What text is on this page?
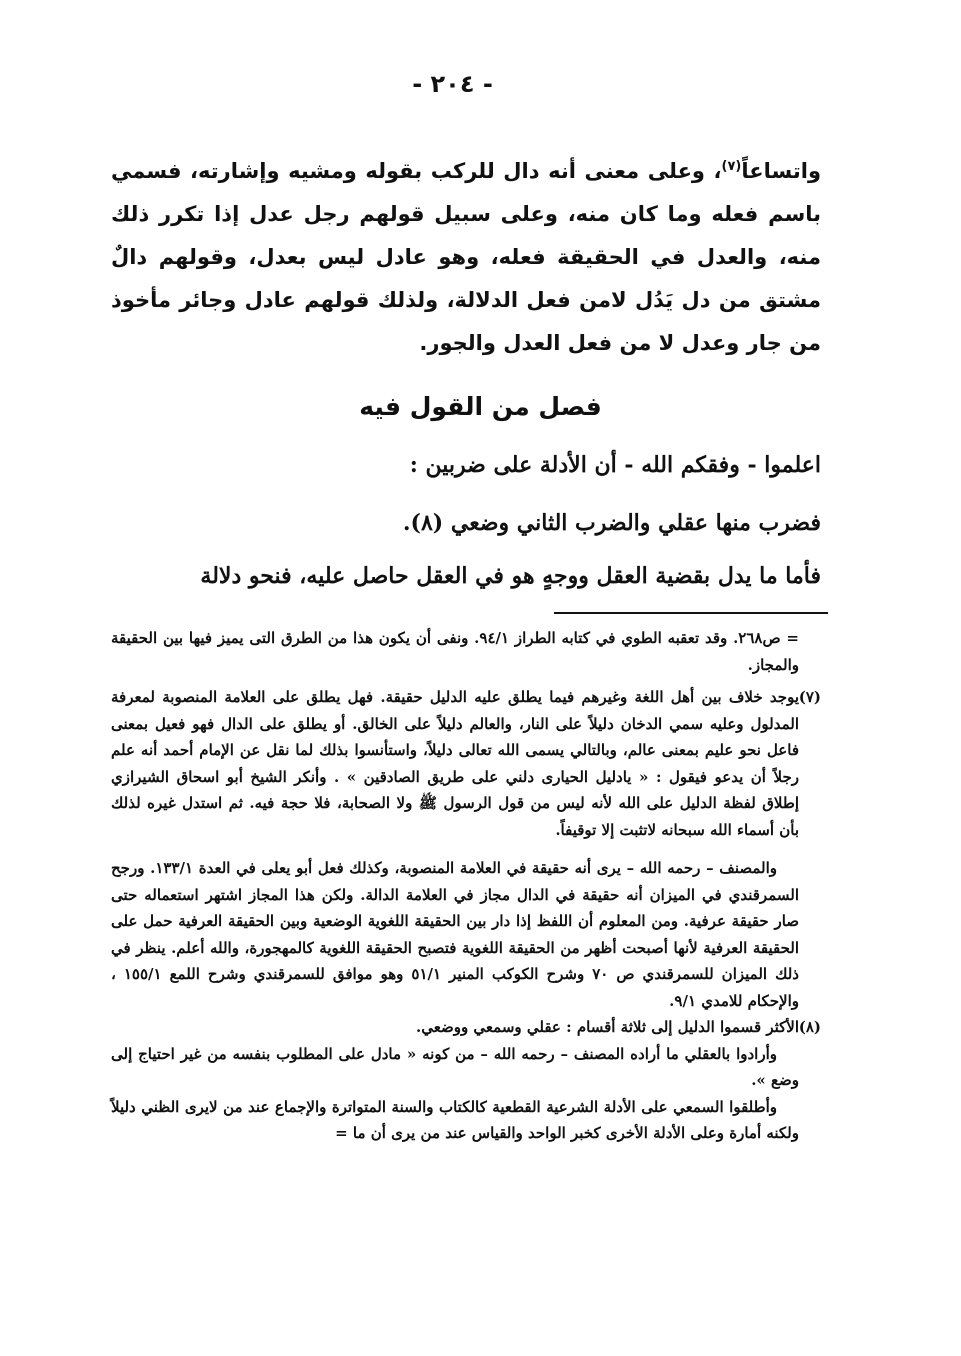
- ٢٠٤ -
واتساعاً$^{(٧)}$، وعلى معنى أنه دال للركب بقوله ومشيه وإشارته، فسمي باسم فعله وما كان منه، وعلى سبيل قولهم رجل عدل إذا تكرر ذلك منه، والعدل في الحقيقة فعله، وهو عادل ليس بعدل، وقولهم دالٌ مشتق من دل يَدُل لامن فعل الدلالة، ولذلك قولهم عادل وجائر مأخوذ من جار وعدل لا من فعل العدل والجور.
فصل من القول فيه
اعلموا - وفقكم الله - أن الأدلة على ضربين :
فضرب منها عقلي والضرب الثاني وضعي (٨).
فأما ما يدل بقضية العقل ووجهٍ هو في العقل حاصل عليه، فنحو دلالة

= ص٢٦٨. وقد تعقبه الطوي في كتابه الطراز ٩٤/١. ونفى أن يكون هذا من الطرق التى يميز فيها بين الحقيقة والمجاز.

(٧)يوجد خلاف بين أهل اللغة وغيرهم فيما يطلق عليه الدليل حقيقة. فهل يطلق على العلامة المنصوبة لمعرفة المدلول وعليه سمي الدخان دليلاً على النار، والعالم دليلاً على الخالق. أو يطلق على الدال فهو فعيل بمعنى فاعل نحو عليم بمعنى عالم، وبالتالي يسمى الله تعالى دليلاً، واستأنسوا بذلك لما نقل عن الإمام أحمد أنه علم رجلاً أن يدعو فيقول : « يادليل الحيارى دلني على طريق الصادقين » . وأنكر الشيخ أبو اسحاق الشيرازي إطلاق لفظة الدليل على الله لأنه ليس من قول الرسول ﷺ ولا الصحابة، فلا حجة فيه. ثم استدل غيره لذلك بأن أسماء الله سبحانه لاتثبت إلا توقيفاً.

والمصنف – رحمه الله – يرى أنه حقيقة في العلامة المنصوبة، وكذلك فعل أبو يعلى في العدة ١٣٣/١. ورجح السمرقندي في الميزان أنه حقيقة في الدال مجاز في العلامة الدالة. ولكن هذا المجاز اشتهر استعماله حتى صار حقيقة عرفية. ومن المعلوم أن اللفظ إذا دار بين الحقيقة اللغوية الوضعية وبين الحقيقة العرفية حمل على الحقيقة العرفية لأنها أصبحت أظهر من الحقيقة اللغوية فتصبح الحقيقة اللغوية كالمهجورة، والله أعلم. ينظر في ذلك الميزان للسمرقندي ص ٧٠ وشرح الكوكب المنير ٥١/١ وهو موافق للسمرقندي وشرح اللمع ١٥٥/١ ، والإحكام للامدي ٩/١.

(٨)الأكثر قسموا الدليل إلى ثلاثة أقسام : عقلي وسمعي ووضعي.

وأرادوا بالعقلي ما أراده المصنف – رحمه الله – من كونه « مادل على المطلوب بنفسه من غير احتياج إلى وضع ».

وأطلقوا السمعي على الأدلة الشرعية القطعية كالكتاب والسنة المتواترة والإجماع عند من لايرى الظني دليلاً ولكنه أمارة وعلى الأدلة الأخرى كخبر الواحد والقياس عند من يرى أن ما =
